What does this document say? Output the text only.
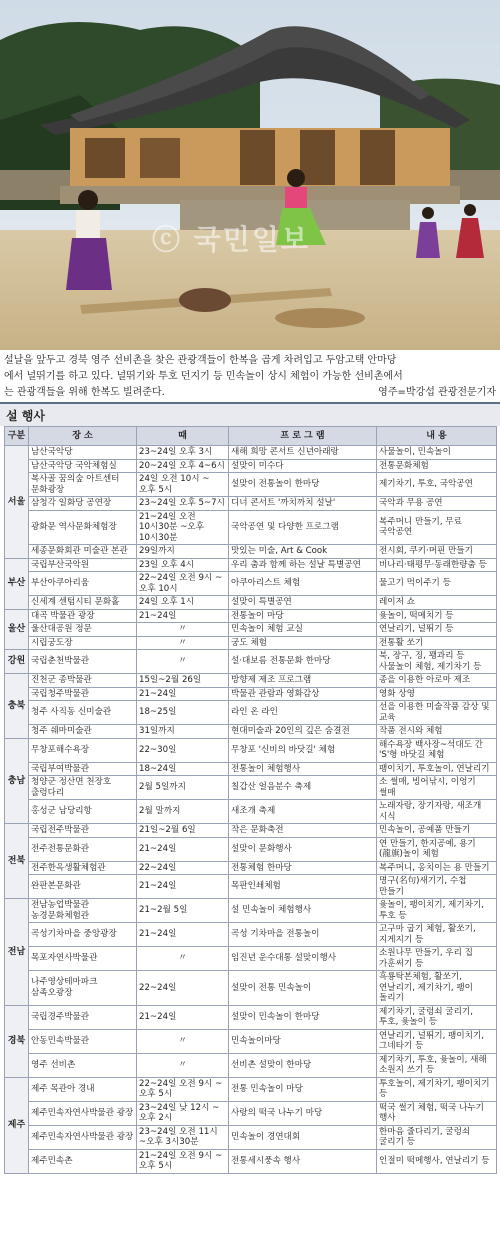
ⓒ 국민일보

설날을 앞두고 경북 영주 선비촌을 찾은 관광객들이 한복을 곱게 차려입고 두암고택 안마당

에서 널뛰기를 하고 있다. 널뛰기와 투호 던지기 등 민속놀이 상시 체험이 가능한 선비촌에서

는 관광객들을 위해 한복도 빌려준다.	영주=박강섭 관광전문기자

설 행사
구분	장 소	때	프 로 그 램	내 용
서울	남산국악당	23~24일 오후 3시	새해 희망 콘서트 신년아래랑	사물놀이, 민속놀이
	남산국악당 국악체험실	20~24일 오후 4~6시	설맞이 미수다	전통문화체험
	복사골 꿈의숲 아트센터 문화광장	24일 오전 10시 ~오후 5시	설맞이 전통놀이 한마당	제기차기, 투호, 국악공연
	삼청각 일화당 공연장	23~24일 오후 5~7시	디너 콘서트 '까치까치 설날'	국악과 무용 공연
	광화문 역사문화체험장	21~24일 오전 10시30분 ~오후 10시30분	국악공연 및 다양한 프로그램	복주머니 만들기, 무료 국악공연
	세종문화회관 미술관 본관	29일까지	맛있는 미술, Art & Cook	전시회, 쿠키·머핀 만들기
부산	국립부산국악원	23일 오후 4시	우리 춤과 함께 하는 설날 특별공연	비나리·태평무·동래한량춤 등
	부산아쿠아리움	22~24일 오전 9시 ~오후 10시	아쿠아리스트 체험	물고기 먹이주기 등
	신세계 센텀시티 문화홀	24일 오후 1시	설맞이 특별공연	레이저 쇼
울산	대곡 박물관 광장	21~24일	전통놀이 마당	윷놀이, 떡메치기 등
	울산대공원 정문	〃	민속놀이 체험 교실	연날리기, 널뛰기 등
	시립궁도장	〃	궁도 체험	전통활 쏘기
강원	국립춘천박물관	〃	설·대보름 전통문화 한마당	북, 장구, 징, 꽹과리 등 사물놀이 체험, 제기차기 등
충북	진천군 종박물관	15일~2월 26일	방향제 제조 프로그램	종을 이용한 아로마 제조
	국립청주박물관	21~24일	박물관 관람과 영화감상	영화 상영
	청주 사직동 신미술관	18~25일	라인 온 라인	선을 이용한 미술작품 감상 및 교육
	청주 쉐마미술관	31일까지	현대미술과 20인의 깊은 숨결전	작품 전시와 체험
충남	무창포해수욕장	22~30일	무창포 '신비의 바닷길' 체험	해수욕장 백사장~석대도 간 'S'형 바닷길 체험
	국립부여박물관	18~24일	전통놀이 체험행사	팽이치기, 투호놀이, 연날리기
	청양군 정산면 천장호 출렁다리	2월 5일까지	칠갑산 얼음분수 축제	소 썰매, 빙어낚시, 이엉기 썰매
	홍성군 남당리항	2월 말까지	새조개 축제	노래자랑, 장기자랑, 새조개 시식
전북	국립전주박물관	21일~2월 6일	작은 문화축전	민속놀이, 공예품 만들기
	전주전통문화관	21~24일	설맞이 문화행사	연 만들기, 한지공예, 용기(龍旗)놀이 체험
	전주한옥생활체험관	22~24일	전통체험 한마당	복주머니, 옹치이는 용 만들기
	완판본문화관	21~24일	목판인쇄체험	명구(名句)새기기, 수첩 만들기
전남	전남농업박물관 농경문화체험관	21~2월 5일	설 민속놀이 체험행사	윷놀이, 팽이치기, 제기차기, 투호 등
	곡성기차마을 중앙광장	21~24일	곡성 기차마을 전통놀이	고구마 굽기 체험, 활쏘기, 지게지기 등
	목포자연사박물관	〃	임진년 운수대통 설맞이행사	소원나무 만들기, 우리 집 가훈써기 등
	나주영상테마파크 삼족오광장	22~24일	설맞이 전통 민속놀이	흑룡탁본체험, 활쏘기, 연날리기, 제기차기, 팽이 돌리기
경북	국립경주박물관	21~24일	설맞이 민속놀이 한마당	제기차기, 굴렁쇠 굴리기, 투호, 윷놀이 등
	안동민속박물관	〃	민속놀이마당	연날리기, 널뛰기, 팽이치기, 그네타기 등
	영주 선비촌	〃	선비촌 설맞이 한마당	제기차기, 투호, 윷놀이, 새해 소원지 쓰기 등
제주	제주 목관아 경내	22~24일 오전 9시 ~오후 5시	전통 민속놀이 마당	투호놀이, 제기차기, 팽이치기 등
	제주민속자연사박물관 광장	23~24일 낮 12시 ~오후 2시	사랑의 떡국 나누기 마당	떡국 썰기 체험, 떡국 나누기 행사
	제주민속자연사박물관 광장	23~24일 오전 11시 ~오후 3시30분	민속놀이 경연대회	한마음 줄다리기, 굴렁쇠 굴리기 등
	제주민속촌	21~24일 오전 9시 ~오후 5시	전통세시풍속 행사	인절미 떡메행사, 연날리기 등
